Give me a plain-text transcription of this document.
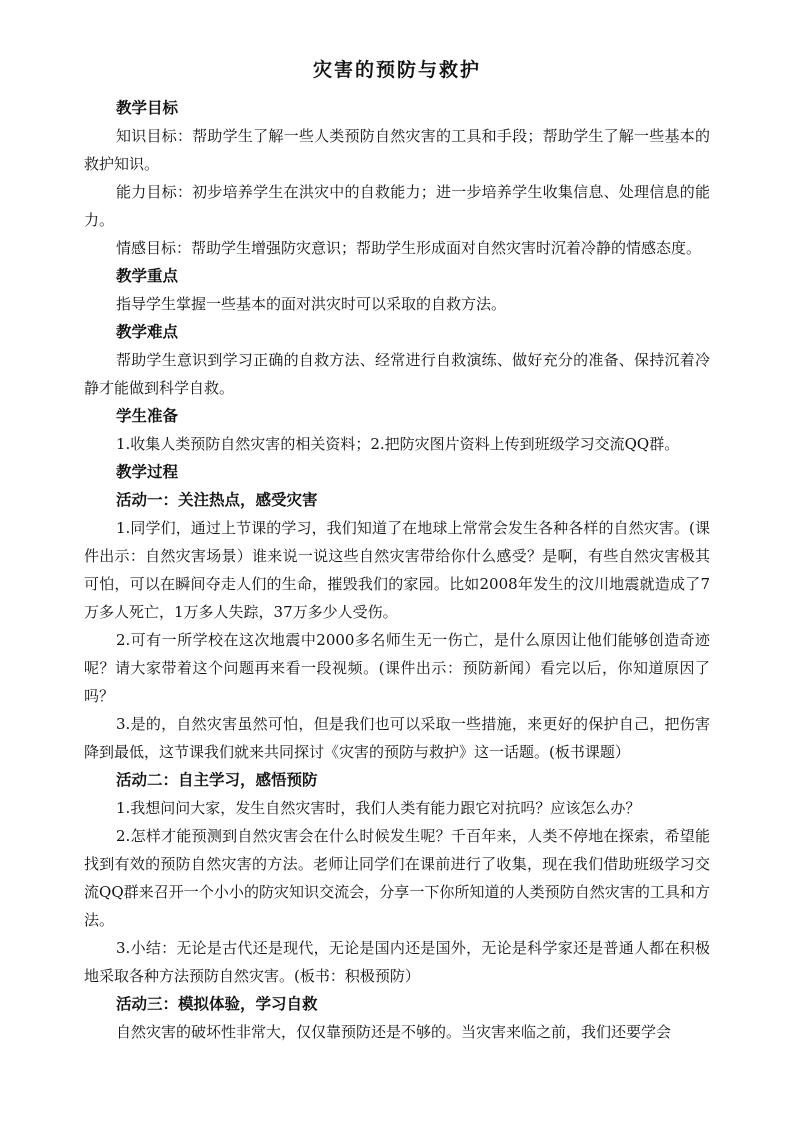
灾害的预防与救护

教学目标

知识目标：帮助学生了解一些人类预防自然灾害的工具和手段；帮助学生了解一些基本的救护知识。

能力目标：初步培养学生在洪灾中的自救能力；进一步培养学生收集信息、处理信息的能力。

情感目标：帮助学生增强防灾意识；帮助学生形成面对自然灾害时沉着冷静的情感态度。

教学重点

指导学生掌握一些基本的面对洪灾时可以采取的自救方法。

教学难点

帮助学生意识到学习正确的自救方法、经常进行自救演练、做好充分的准备、保持沉着冷静才能做到科学自救。

学生准备

1.收集人类预防自然灾害的相关资料；2.把防灾图片资料上传到班级学习交流QQ群。

教学过程

活动一：关注热点，感受灾害

1.同学们，通过上节课的学习，我们知道了在地球上常常会发生各种各样的自然灾害。(课件出示：自然灾害场景）谁来说一说这些自然灾害带给你什么感受？是啊，有些自然灾害极其可怕，可以在瞬间夺走人们的生命，摧毁我们的家园。比如2008年发生的汶川地震就造成了7万多人死亡，1万多人失踪，37万多少人受伤。

2.可有一所学校在这次地震中2000多名师生无一伤亡，是什么原因让他们能够创造奇迹呢？请大家带着这个问题再来看一段视频。(课件出示：预防新闻）看完以后，你知道原因了吗？

3.是的，自然灾害虽然可怕，但是我们也可以采取一些措施，来更好的保护自己，把伤害降到最低，这节课我们就来共同探讨《灾害的预防与救护》这一话题。(板书课题）

活动二：自主学习，感悟预防

1.我想问问大家，发生自然灾害时，我们人类有能力跟它对抗吗？应该怎么办？

2.怎样才能预测到自然灾害会在什么时候发生呢？千百年来，人类不停地在探索，希望能找到有效的预防自然灾害的方法。老师让同学们在课前进行了收集，现在我们借助班级学习交流QQ群来召开一个小小的防灾知识交流会，分享一下你所知道的人类预防自然灾害的工具和方法。

3.小结：无论是古代还是现代，无论是国内还是国外，无论是科学家还是普通人都在积极地采取各种方法预防自然灾害。(板书：积极预防）

活动三：模拟体验，学习自救

自然灾害的破坏性非常大，仅仅靠预防还是不够的。当灾害来临之前，我们还要学会
